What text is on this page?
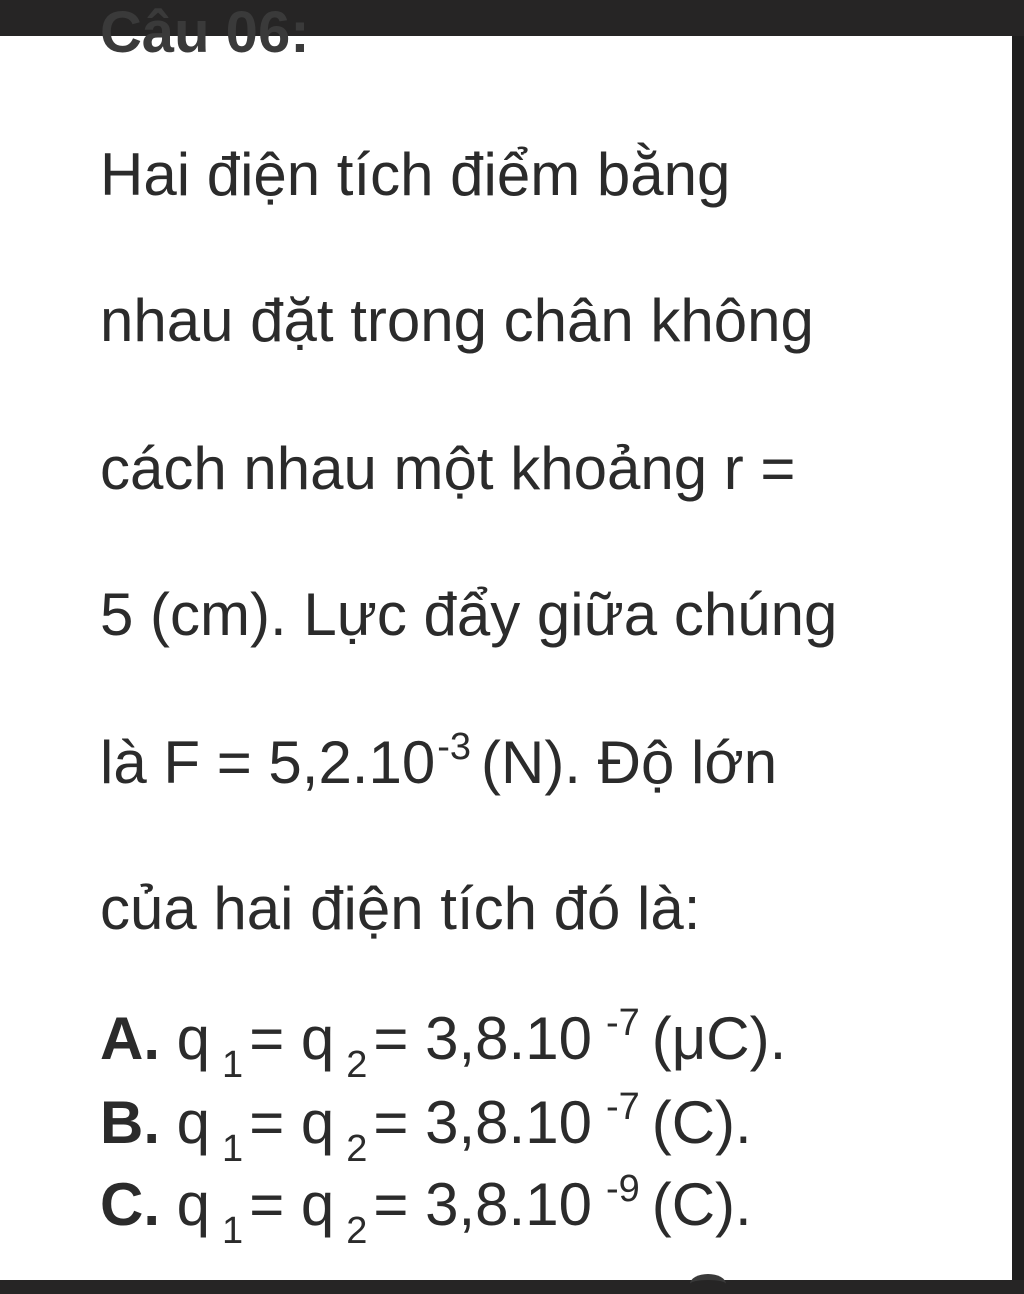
Câu 06:
Hai điện tích điểm bằng
nhau đặt trong chân không
cách nhau một khoảng r =
5 (cm). Lực đẩy giữa chúng
là $F = 5,2.10^{-3}$ (N). Độ lớn
của hai điện tích đó là:
A. q $_1$ = q $_2$ = 3,8.10 $^{-7}$ (μC).
B. q $_1$ = q $_2$ = 3,8.10 $^{-7}$ (C).
C. q $_1$ = q $_2$ = 3,8.10 $^{-9}$ (C).
